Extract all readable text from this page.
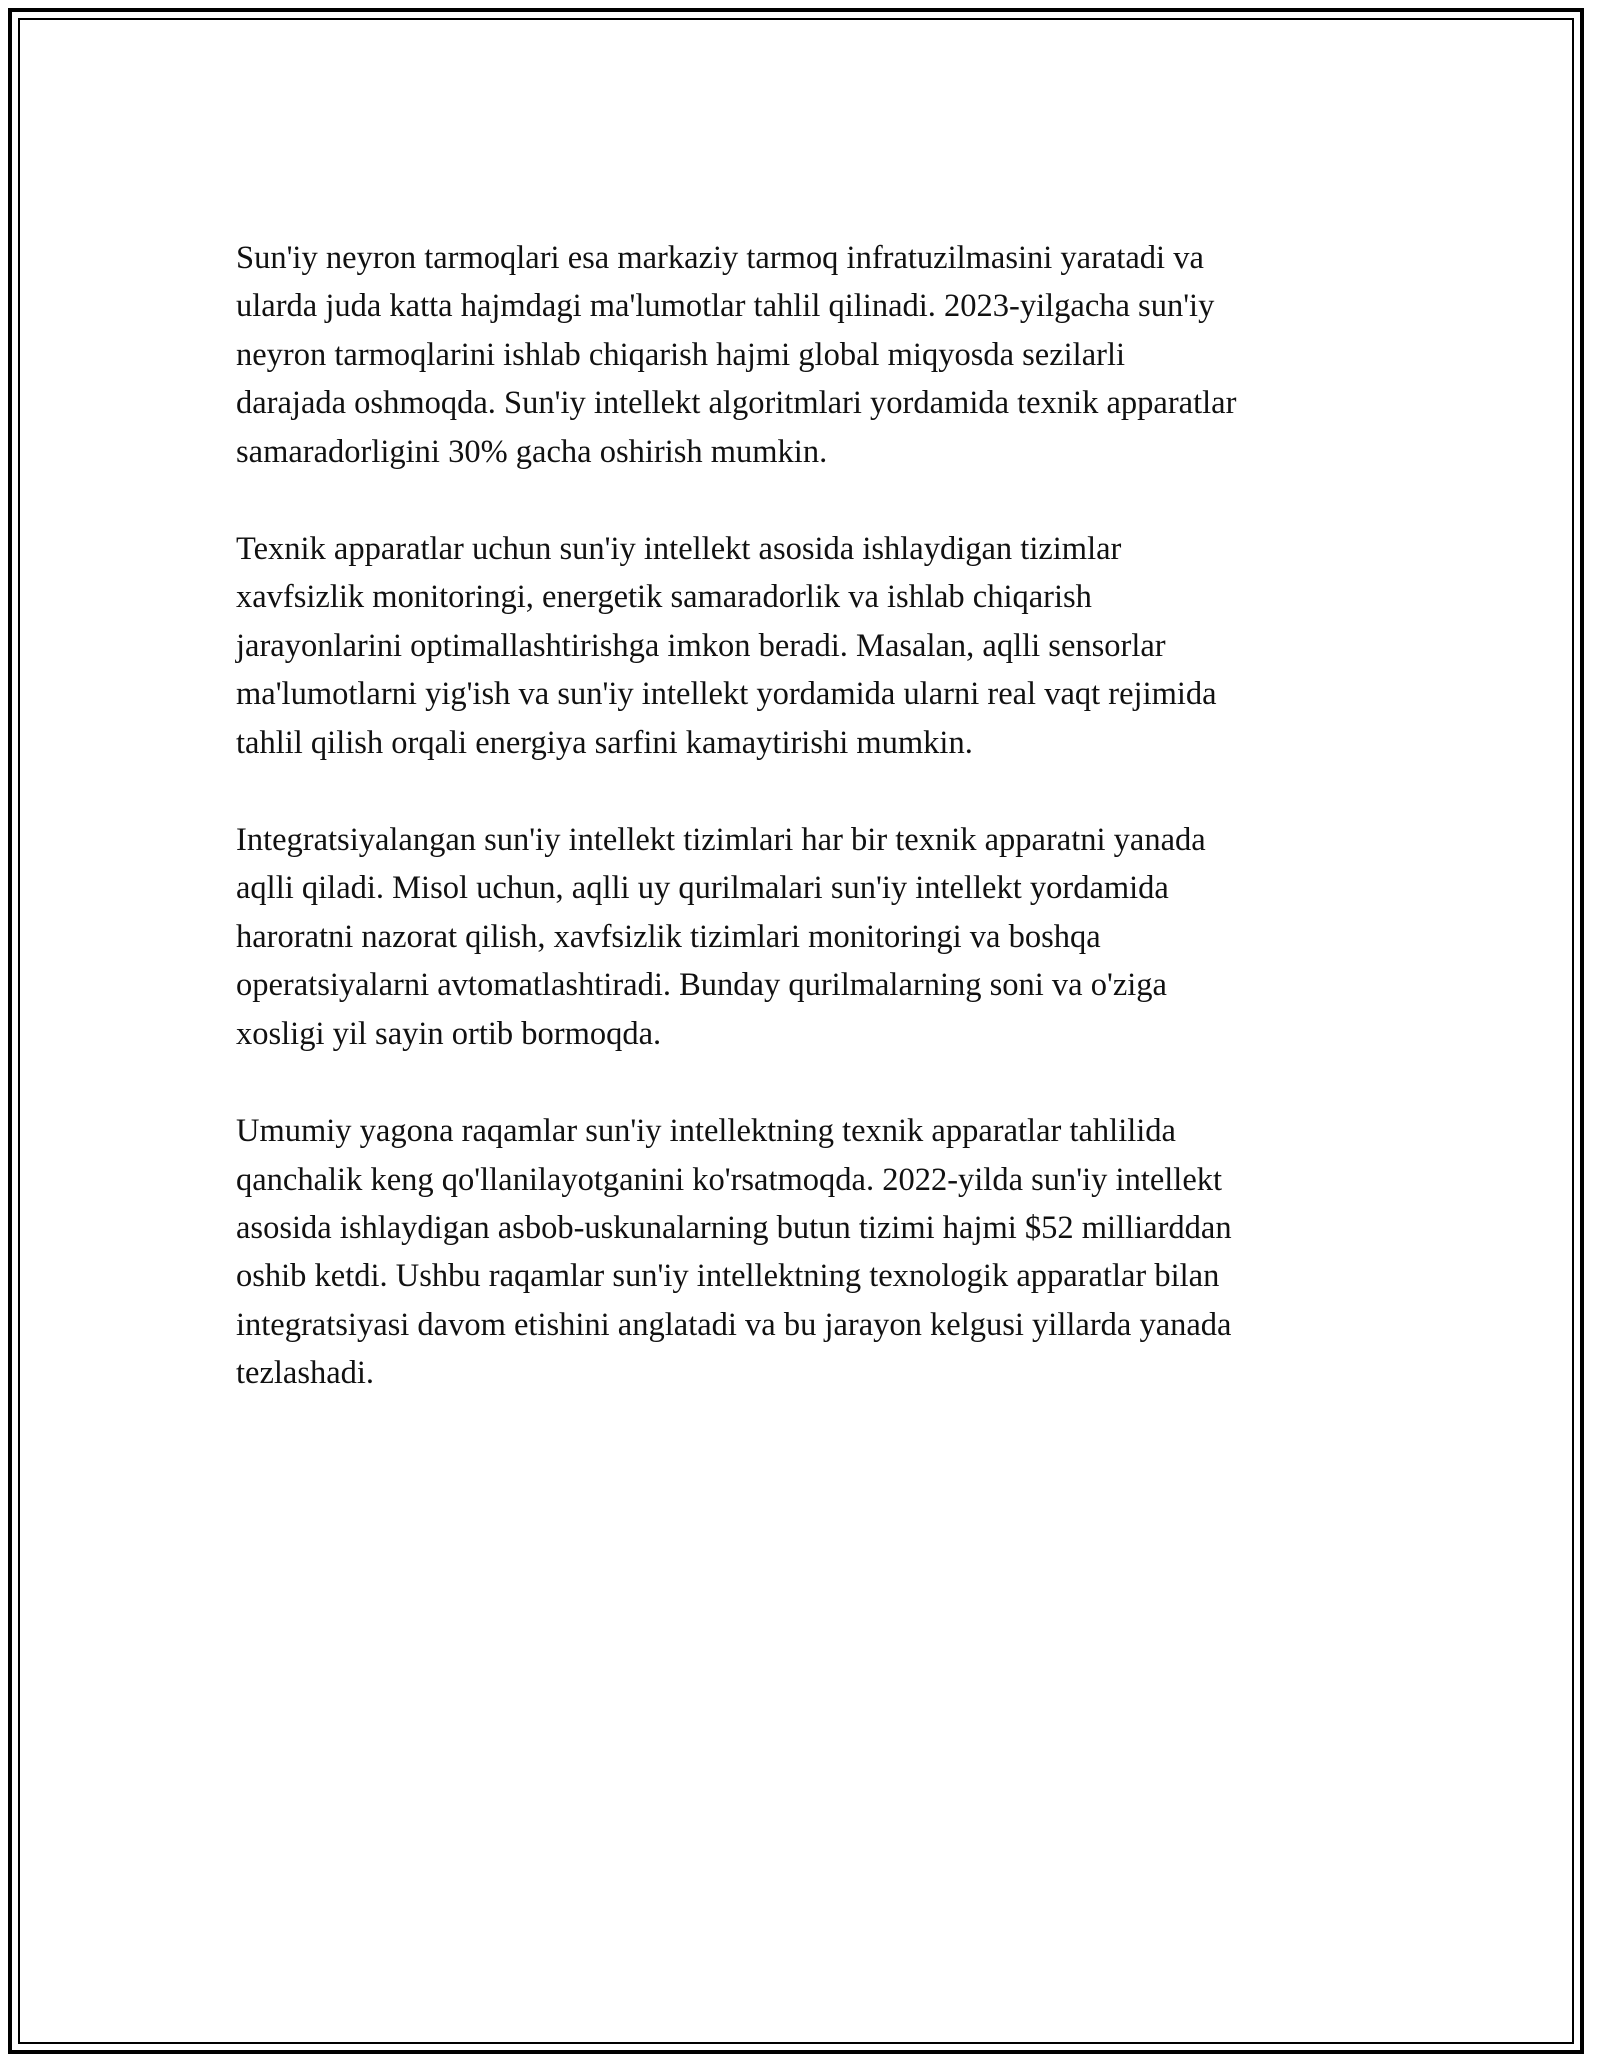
Sun'iy neyron tarmoqlari esa markaziy tarmoq infratuzilmasini yaratadi va
ularda juda katta hajmdagi ma'lumotlar tahlil qilinadi. 2023-yilgacha sun'iy
neyron tarmoqlarini ishlab chiqarish hajmi global miqyosda sezilarli
darajada oshmoqda. Sun'iy intellekt algoritmlari yordamida texnik apparatlar
samaradorligini 30% gacha oshirish mumkin.

Texnik apparatlar uchun sun'iy intellekt asosida ishlaydigan tizimlar
xavfsizlik monitoringi, energetik samaradorlik va ishlab chiqarish
jarayonlarini optimallashtirishga imkon beradi. Masalan, aqlli sensorlar
ma'lumotlarni yig'ish va sun'iy intellekt yordamida ularni real vaqt rejimida
tahlil qilish orqali energiya sarfini kamaytirishi mumkin.

Integratsiyalangan sun'iy intellekt tizimlari har bir texnik apparatni yanada
aqlli qiladi. Misol uchun, aqlli uy qurilmalari sun'iy intellekt yordamida
haroratni nazorat qilish, xavfsizlik tizimlari monitoringi va boshqa
operatsiyalarni avtomatlashtiradi. Bunday qurilmalarning soni va o'ziga
xosligi yil sayin ortib bormoqda.

Umumiy yagona raqamlar sun'iy intellektning texnik apparatlar tahlilida
qanchalik keng qo'llanilayotganini ko'rsatmoqda. 2022-yilda sun'iy intellekt
asosida ishlaydigan asbob-uskunalarning butun tizimi hajmi $52 milliarddan
oshib ketdi. Ushbu raqamlar sun'iy intellektning texnologik apparatlar bilan
integratsiyasi davom etishini anglatadi va bu jarayon kelgusi yillarda yanada
tezlashadi.
